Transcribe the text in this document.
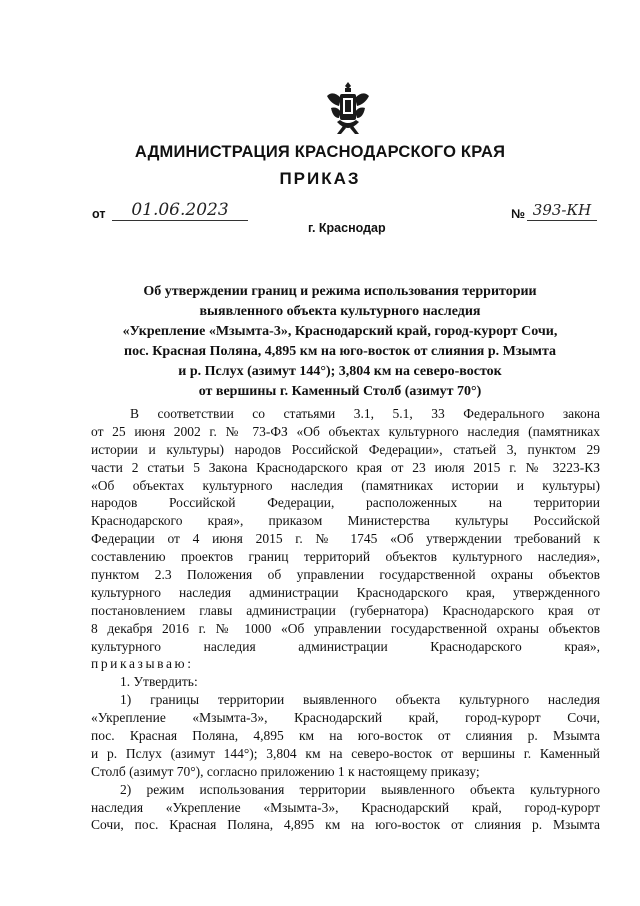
АДМИНИСТРАЦИЯ КРАСНОДАРСКОГО КРАЯ
ПРИКАЗ
от	01.06.2023
г. Краснодар
№ 393-КН
Об утверждении границ и режима использования территории
выявленного объекта культурного наследия
«Укрепление «Мзымта-3», Краснодарский край, город-курорт Сочи,
пос. Красная Поляна, 4,895 км на юго-восток от слияния р. Мзымта
и р. Пслух (азимут 144°); 3,804 км на северо-восток
от вершины г. Каменный Столб (азимут 70°)
В соответствии со статьями 3.1, 5.1, 33 Федерального закона
от 25 июня 2002 г. № 73-ФЗ «Об объектах культурного наследия (памятниках
истории и культуры) народов Российской Федерации», статьей 3, пунктом 29
части 2 статьи 5 Закона Краснодарского края от 23 июля 2015 г. № 3223-КЗ
«Об объектах культурного наследия (памятниках истории и культуры)
народов Российской Федерации, расположенных на территории
Краснодарского края», приказом Министерства культуры Российской
Федерации от 4 июня 2015 г. № 1745 «Об утверждении требований к
составлению проектов границ территорий объектов культурного наследия»,
пунктом 2.3 Положения об управлении государственной охраны объектов
культурного наследия администрации Краснодарского края, утвержденного
постановлением главы администрации (губернатора) Краснодарского края от
8 декабря 2016 г. № 1000 «Об управлении государственной охраны объектов
культурного наследия администрации Краснодарского края»,
приказываю:
1. Утвердить:
1) границы территории выявленного объекта культурного наследия
«Укрепление «Мзымта-3», Краснодарский край, город-курорт Сочи,
пос. Красная Поляна, 4,895 км на юго-восток от слияния р. Мзымта
и р. Пслух (азимут 144°); 3,804 км на северо-восток от вершины г. Каменный
Столб (азимут 70°), согласно приложению 1 к настоящему приказу;
2) режим использования территории выявленного объекта культурного
наследия «Укрепление «Мзымта-3», Краснодарский край, город-курорт
Сочи, пос. Красная Поляна, 4,895 км на юго-восток от слияния р. Мзымта
